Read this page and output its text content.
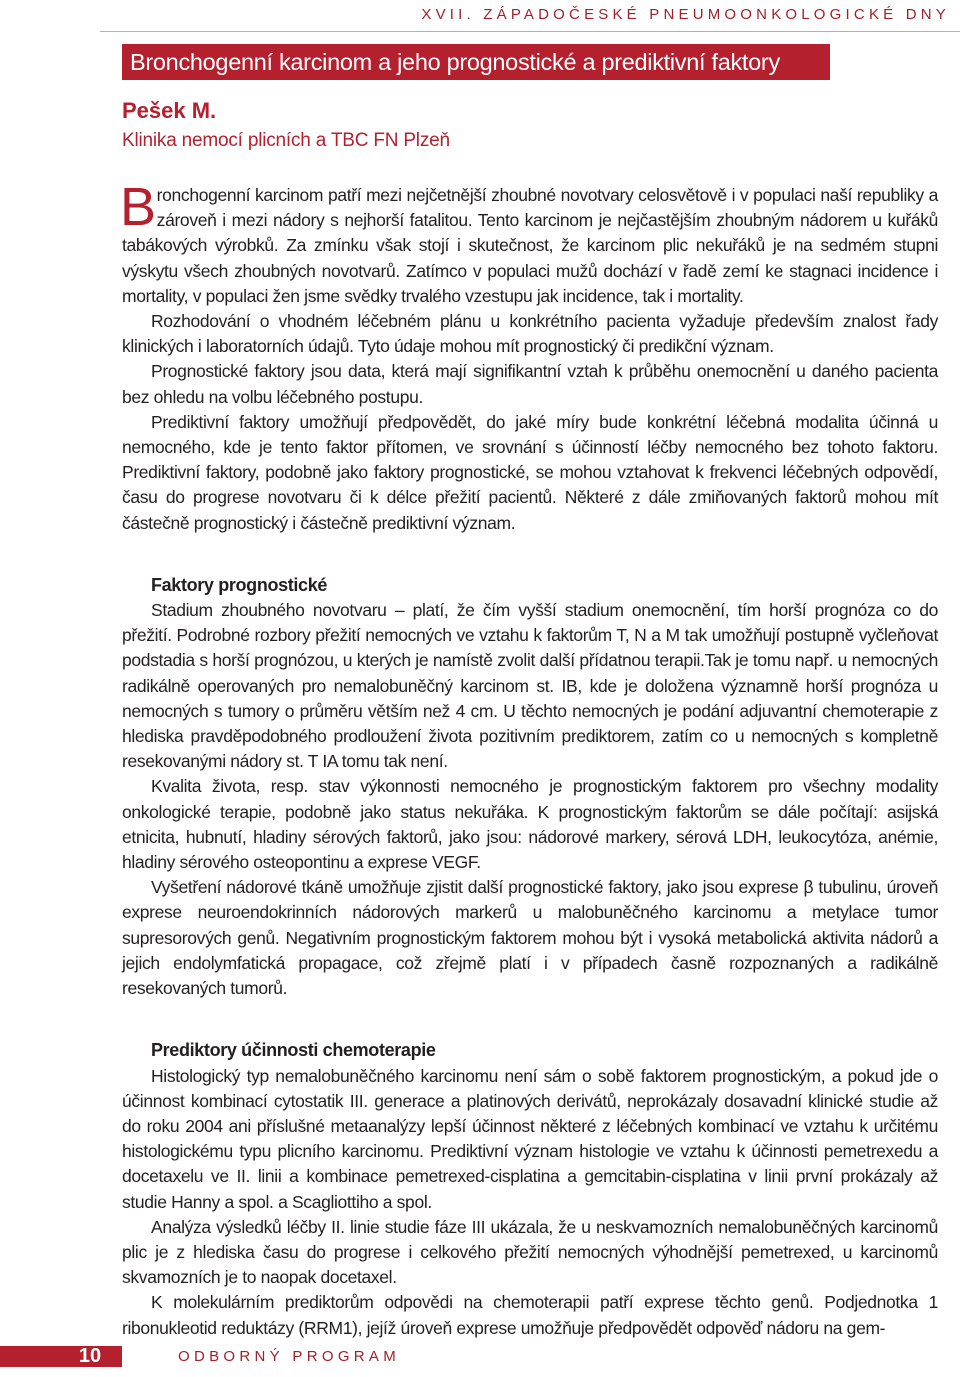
XVII. ZÁPADOČESKÉ PNEUMOONKOLOGICKÉ DNY
Bronchogenní karcinom a jeho prognostické a prediktivní faktory
Pešek M.
Klinika nemocí plicních a TBC FN Plzeň

Bronchogenní karcinom patří mezi nejčetnější zhoubné novotvary celosvětově i v populaci naší republiky a zároveň i mezi nádory s nejhorší fatalitou. Tento karcinom je nejčastějším zhoubným nádorem u kuřáků tabákových výrobků. Za zmínku však stojí i skutečnost, že karcinom plic nekuřáků je na sedmém stupni výskytu všech zhoubných novotvarů. Zatímco v populaci mužů dochází v řadě zemí ke stagnaci incidence i mortality, v populaci žen jsme svědky trvalého vzestupu jak incidence, tak i mortality.

Rozhodování o vhodném léčebném plánu u konkrétního pacienta vyžaduje především znalost řady klinických i laboratorních údajů. Tyto údaje mohou mít prognostický či predikční význam.

Prognostické faktory jsou data, která mají signifikantní vztah k průběhu onemocnění u daného pacienta bez ohledu na volbu léčebného postupu.

Prediktivní faktory umožňují předpovědět, do jaké míry bude konkrétní léčebná modalita účinná u nemocného, kde je tento faktor přítomen, ve srovnání s účinností léčby nemocného bez tohoto faktoru. Prediktivní faktory, podobně jako faktory prognostické, se mohou vztahovat k frekvenci léčebných odpovědí, času do progrese novotvaru či k délce přežití pacientů. Některé z dále zmiňovaných faktorů mohou mít částečně prognostický i částečně prediktivní význam.

Faktory prognostické

Stadium zhoubného novotvaru – platí, že čím vyšší stadium onemocnění, tím horší prognóza co do přežití. Podrobné rozbory přežití nemocných ve vztahu k faktorům T, N a M tak umožňují postupně vyčleňovat podstadia s horší prognózou, u kterých je namístě zvolit další přídatnou terapii.Tak je tomu např. u nemocných radikálně operovaných pro nemalobuněčný karcinom st. IB, kde je doložena významně horší prognóza u nemocných s tumory o průměru větším než 4 cm. U těchto nemocných je podání adjuvantní chemoterapie z hlediska pravděpodobného prodloužení života pozitivním prediktorem, zatím co u nemocných s kompletně resekovanými nádory st. T IA tomu tak není.

Kvalita života, resp. stav výkonnosti nemocného je prognostickým faktorem pro všechny modality onkologické terapie, podobně jako status nekuřáka. K prognostickým faktorům se dále počítají: asijská etnicita, hubnutí, hladiny sérových faktorů, jako jsou: nádorové markery, sérová LDH, leukocytóza, anémie, hladiny sérového osteopontinu a exprese VEGF.

Vyšetření nádorové tkáně umožňuje zjistit další prognostické faktory, jako jsou exprese β tubulinu, úroveň exprese neuroendokrinních nádorových markerů u malobuněčného karcinomu a metylace tumor supresorových genů. Negativním prognostickým faktorem mohou být i vysoká metabolická aktivita nádorů a jejich endolymfatická propagace, což zřejmě platí i v případech časně rozpoznaných a radikálně resekovaných tumorů.

Prediktory účinnosti chemoterapie

Histologický typ nemalobuněčného karcinomu není sám o sobě faktorem prognostickým, a pokud jde o účinnost kombinací cytostatik III. generace a platinových derivátů, neprokázaly dosavadní klinické studie až do roku 2004 ani příslušné metaanalýzy lepší účinnost některé z léčebných kombinací ve vztahu k určitému histologickému typu plicního karcinomu. Prediktivní význam histologie ve vztahu k účinnosti pemetrexedu a docetaxelu ve II. linii a kombinace pemetrexed-cisplatina a gemcitabin-cisplatina v linii první prokázaly až studie Hanny a spol. a Scagliottiho a spol.

Analýza výsledků léčby II. linie studie fáze III ukázala, že u neskvamozních nemalobuněčných karcinomů plic je z hlediska času do progrese i celkového přežití nemocných výhodnější pemetrexed, u karcinomů skvamozních je to naopak docetaxel.

K molekulárním prediktorům odpovědi na chemoterapii patří exprese těchto genů. Podjednotka 1 ribonukleotid reduktázy (RRM1), jejíž úroveň exprese umožňuje předpovědět odpověď nádoru na gem-

10	ODBORNÝ PROGRAM
